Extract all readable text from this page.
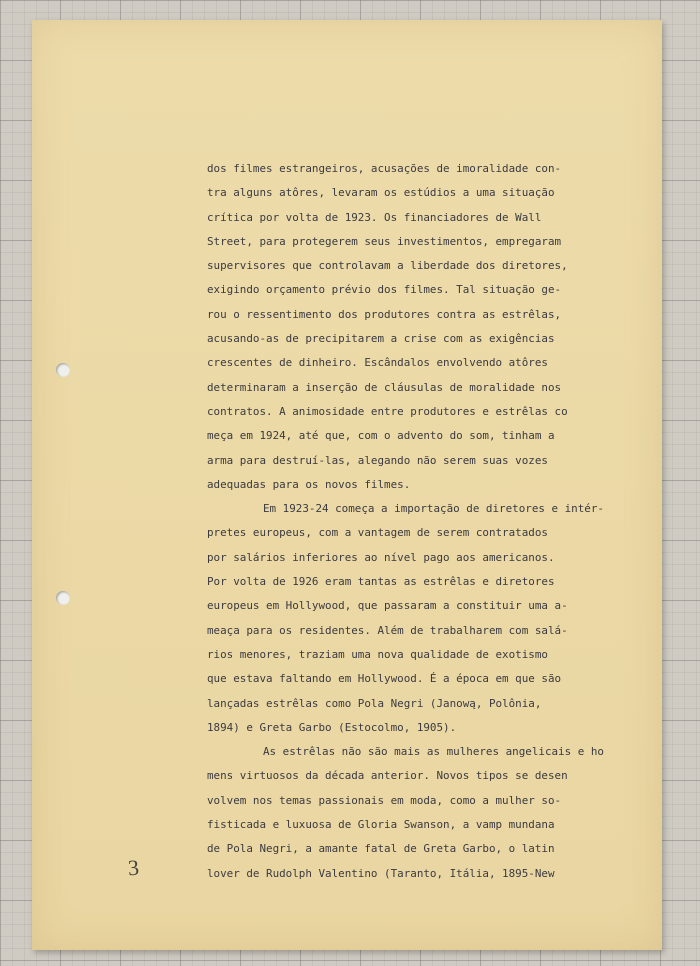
dos filmes estrangeiros, acusações de imoralidade con-
tra alguns atôres, levaram os estúdios a uma situação
crítica por volta de 1923. Os financiadores de Wall
Street, para protegerem seus investimentos, empregaram
supervisores que controlavam a liberdade dos diretores,
exigindo orçamento prévio dos filmes. Tal situação ge-
rou o ressentimento dos produtores contra as estrêlas,
acusando-as de precipitarem a crise com as exigências
crescentes de dinheiro. Escândalos envolvendo atôres
determinaram a inserção de cláusulas de moralidade nos
contratos. A animosidade entre produtores e estrêlas co
meça em 1924, até que, com o advento do som, tinham a
arma para destruí-las, alegando não serem suas vozes
adequadas para os novos filmes.
Em 1923-24 começa a importação de diretores e intér-
pretes europeus, com a vantagem de serem contratados
por salários inferiores ao nível pago aos americanos.
Por volta de 1926 eram tantas as estrêlas e diretores
europeus em Hollywood, que passaram a constituir uma a-
meaça para os residentes. Além de trabalharem com salá-
rios menores, traziam uma nova qualidade de exotismo
que estava faltando em Hollywood. É a época em que são
lançadas estrêlas como Pola Negri (Janową, Polônia,
1894) e Greta Garbo (Estocolmo, 1905).
As estrêlas não são mais as mulheres angelicais e ho
mens virtuosos da década anterior. Novos tipos se desen
volvem nos temas passionais em moda, como a mulher so-
fisticada e luxuosa de Gloria Swanson, a vamp mundana
de Pola Negri, a amante fatal de Greta Garbo, o latin
lover de Rudolph Valentino (Taranto, Itália, 1895-New
3
